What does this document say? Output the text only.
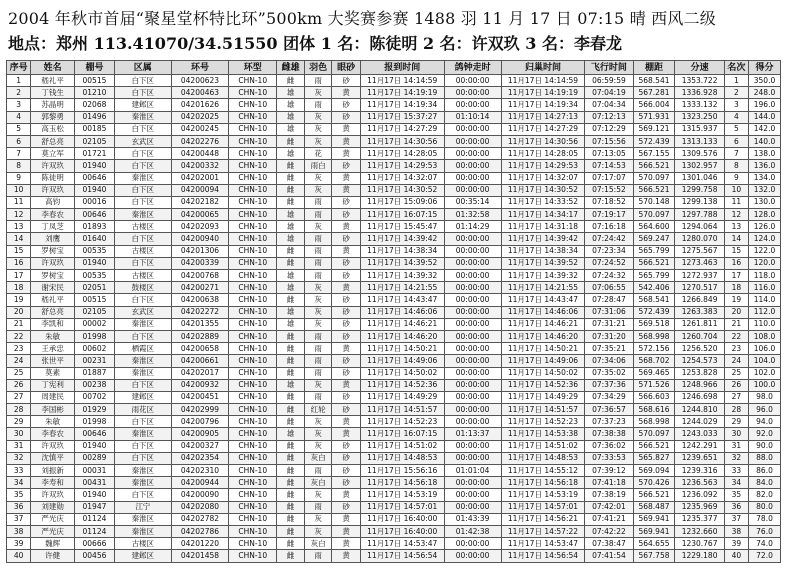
2004 年秋市首届“聚星堂杯特比环”500km 大奖赛参赛 1488 羽 11 月 17 日 07:15 晴 西风二级
地点：郑州 113.41070/34.51550 团体 1 名：陈徒明 2 名：许双玖 3 名：李春龙
序号	姓名	棚号	区属	环号	环型	雌雄	羽色	眼砂	报到时间	鸽钟走时	归巢时间	飞行时间	棚距	分速	名次	得分
1	嵇礼平	00515	白下区	04200623	CHN-10	雌	雨	砂	11月17日 14:14:59	00:00:00	11月17日 14:14:59	06:59:59	568.541	1353.722	1	350.0
2	丁钱生	01210	白下区	04200463	CHN-10	雄	灰	黄	11月17日 14:19:19	00:00:00	11月17日 14:19:19	07:04:19	567.281	1336.928	2	248.0
3	苏晶明	02068	建邺区	04201626	CHN-10	雄	雨	砂	11月17日 14:19:34	00:00:00	11月17日 14:19:34	07:04:34	566.004	1333.132	3	196.0
4	郭黎勇	01496	秦淮区	04202025	CHN-10	雄	灰	砂	11月17日 15:37:27	01:10:14	11月17日 14:27:13	07:12:13	571.931	1323.250	4	144.0
5	高玉松	00185	白下区	04200245	CHN-10	雄	灰	黄	11月17日 14:27:29	00:00:00	11月17日 14:27:29	07:12:29	569.121	1315.937	5	142.0
6	舒总亮	02105	玄武区	04202276	CHN-10	雌	灰	黄	11月17日 14:30:56	00:00:00	11月17日 14:30:56	07:15:56	572.439	1313.133	6	140.0
7	莫立军	01721	白下区	04200448	CHN-10	雄	花	黄	11月17日 14:28:05	00:00:00	11月17日 14:28:05	07:13:05	567.155	1309.576	7	138.0
8	许双玖	01940	白下区	04200332	CHN-10	雌	雨白	砂	11月17日 14:29:53	00:00:00	11月17日 14:29:53	07:14:53	566.521	1302.957	8	136.0
9	陈徒明	00646	秦淮区	04202001	CHN-10	雌	灰	黄	11月17日 14:32:07	00:00:00	11月17日 14:32:07	07:17:07	570.097	1301.046	9	134.0
10	许双玖	01940	白下区	04200094	CHN-10	雌	灰	黄	11月17日 14:30:52	00:00:00	11月17日 14:30:52	07:15:52	566.521	1299.758	10	132.0
11	高钧	00016	白下区	04202182	CHN-10	雌	雨	砂	11月17日 15:09:06	00:35:14	11月17日 14:33:52	07:18:52	570.148	1299.138	11	130.0
12	李春农	00646	秦淮区	04200065	CHN-10	雄	雨	砂	11月17日 16:07:15	01:32:58	11月17日 14:34:17	07:19:17	570.097	1297.788	12	128.0
13	丁凤芝	01893	古楼区	04202093	CHN-10	雄	灰	黄	11月17日 15:45:47	01:14:29	11月17日 14:31:18	07:16:18	564.600	1294.064	13	126.0
14	刘鹰	01640	白下区	04200940	CHN-10	雄	雨	砂	11月17日 14:39:42	00:00:00	11月17日 14:39:42	07:24:42	569.247	1280.070	14	124.0
15	罗树宝	00535	古楼区	04201306	CHN-10	雌	雨	黄	11月17日 14:38:34	00:00:00	11月17日 14:38:34	07:23:34	565.799	1275.567	15	122.0
16	许双玖	01940	白下区	04200339	CHN-10	雌	雨	砂	11月17日 14:39:52	00:00:00	11月17日 14:39:52	07:24:52	566.521	1273.463	16	120.0
17	罗树宝	00535	古楼区	04200768	CHN-10	雄	雨	砂	11月17日 14:39:32	00:00:00	11月17日 14:39:32	07:24:32	565.799	1272.937	17	118.0
18	谢宋民	02051	鼓楼区	04200271	CHN-10	雄	灰	黄	11月17日 14:21:55	00:00:00	11月17日 14:21:55	07:06:55	542.406	1270.517	18	116.0
19	嵇礼平	00515	白下区	04200638	CHN-10	雌	灰	砂	11月17日 14:43:47	00:00:00	11月17日 14:43:47	07:28:47	568.541	1266.849	19	114.0
20	舒总亮	02105	玄武区	04202272	CHN-10	雄	灰	砂	11月17日 14:46:06	00:00:00	11月17日 14:46:06	07:31:06	572.439	1263.383	20	112.0
21	李凯和	00002	秦淮区	04201355	CHN-10	雄	灰	砂	11月17日 14:46:21	00:00:00	11月17日 14:46:21	07:31:21	569.518	1261.811	21	110.0
22	朱敏	01998	白下区	04202889	CHN-10	雌	雨	砂	11月17日 14:46:20	00:00:00	11月17日 14:46:20	07:31:20	568.998	1260.704	22	108.0
23	王承忠	00602	栖霞区	04200658	CHN-10	雌	雨	黄	11月17日 14:50:21	00:00:00	11月17日 14:50:21	07:35:21	572.156	1256.520	23	106.0
24	张世平	00231	秦淮区	04200661	CHN-10	雌	雨	砂	11月17日 14:49:06	00:00:00	11月17日 14:49:06	07:34:06	568.702	1254.573	24	104.0
25	莫素	01887	秦淮区	04202017	CHN-10	雌	雨	砂	11月17日 14:50:02	00:00:00	11月17日 14:50:02	07:35:02	569.465	1253.828	25	102.0
26	丁宪利	00238	白下区	04200932	CHN-10	雄	灰	黄	11月17日 14:52:36	00:00:00	11月17日 14:52:36	07:37:36	571.526	1248.966	26	100.0
27	周建民	00702	建邺区	04200451	CHN-10	雌	雨	砂	11月17日 14:49:29	00:00:00	11月17日 14:49:29	07:34:29	566.603	1246.698	27	98.0
28	李国彬	01929	雨花区	04202999	CHN-10	雌	红轮	砂	11月17日 14:51:57	00:00:00	11月17日 14:51:57	07:36:57	568.616	1244.810	28	96.0
29	朱敏	01998	白下区	04200796	CHN-10	雌	灰	黄	11月17日 14:52:23	00:00:00	11月17日 14:52:23	07:37:23	568.998	1244.029	29	94.0
30	李春农	00646	秦淮区	04200905	CHN-10	雄	灰	黄	11月17日 16:07:15	01:13:37	11月17日 14:53:38	07:38:38	570.097	1243.033	30	92.0
31	许双玖	01940	白下区	04200327	CHN-10	雌	灰	砂	11月17日 14:51:02	00:00:00	11月17日 14:51:02	07:36:02	566.521	1242.291	31	90.0
32	沈慎平	00289	白下区	04202354	CHN-10	雌	灰白	砂	11月17日 14:48:53	00:00:00	11月17日 14:48:53	07:33:53	565.827	1239.651	32	88.0
33	刘振新	00031	秦淮区	04202310	CHN-10	雌	雨	砂	11月17日 15:56:16	01:01:04	11月17日 14:55:12	07:39:12	569.094	1239.316	33	86.0
34	李寿和	00431	秦淮区	04200944	CHN-10	雌	灰白	砂	11月17日 14:56:18	00:00:00	11月17日 14:56:18	07:41:18	570.426	1236.563	34	84.0
35	许双玖	01940	白下区	04200090	CHN-10	雌	灰	黄	11月17日 14:53:19	00:00:00	11月17日 14:53:19	07:38:19	566.521	1236.092	35	82.0
36	刘建勋	01947	江宁	04202080	CHN-10	雌	雨	砂	11月17日 14:57:01	00:00:00	11月17日 14:57:01	07:42:01	568.487	1235.969	36	80.0
37	严光庆	01124	秦淮区	04202782	CHN-10	雌	灰	黄	11月17日 16:40:00	01:43:39	11月17日 14:56:21	07:41:21	569.941	1235.377	37	78.0
38	严光庆	01124	秦淮区	04202786	CHN-10	雌	灰	黄	11月17日 16:40:00	01:42:38	11月17日 14:57:22	07:42:22	569.941	1232.660	38	76.0
39	魏辉	00666	古楼区	04201220	CHN-10	雌	灰白	黄	11月17日 14:53:47	00:00:00	11月17日 14:53:47	07:38:47	564.655	1230.767	39	74.0
40	许健	00456	建邺区	04201458	CHN-10	雌	雨	黄	11月17日 14:56:54	00:00:00	11月17日 14:56:54	07:41:54	567.758	1229.180	40	72.0
